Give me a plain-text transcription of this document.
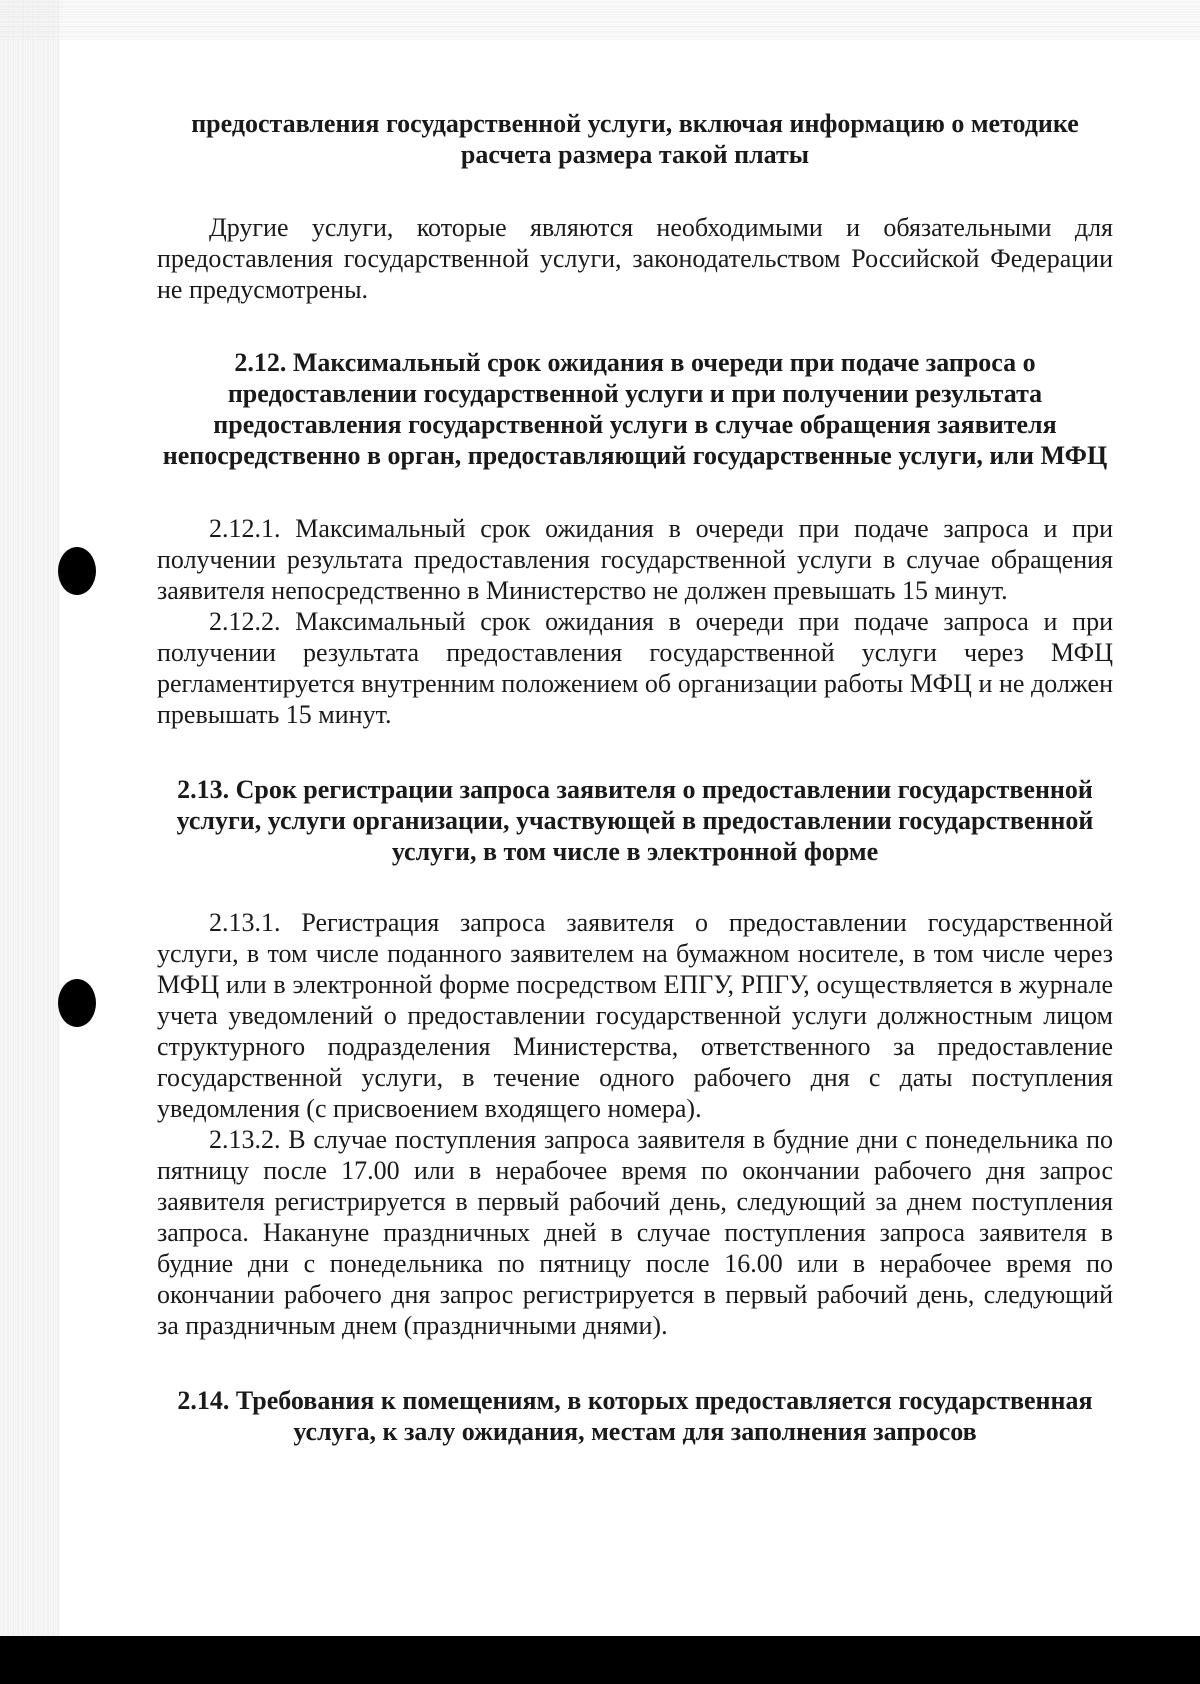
предоставления государственной услуги, включая информацию о методике расчета размера такой платы

Другие услуги, которые являются необходимыми и обязательными для предоставления государственной услуги, законодательством Российской Федерации не предусмотрены.

2.12. Максимальный срок ожидания в очереди при подаче запроса о предоставлении государственной услуги и при получении результата предоставления государственной услуги в случае обращения заявителя непосредственно в орган, предоставляющий государственные услуги, или МФЦ

2.12.1. Максимальный срок ожидания в очереди при подаче запроса и при получении результата предоставления государственной услуги в случае обращения заявителя непосредственно в Министерство не должен превышать 15 минут.

2.12.2. Максимальный срок ожидания в очереди при подаче запроса и при получении результата предоставления государственной услуги через МФЦ регламентируется внутренним положением об организации работы МФЦ и не должен превышать 15 минут.

2.13. Срок регистрации запроса заявителя о предоставлении государственной услуги, услуги организации, участвующей в предоставлении государственной услуги, в том числе в электронной форме

2.13.1. Регистрация запроса заявителя о предоставлении государственной услуги, в том числе поданного заявителем на бумажном носителе, в том числе через МФЦ или в электронной форме посредством ЕПГУ, РПГУ, осуществляется в журнале учета уведомлений о предоставлении государственной услуги должностным лицом структурного подразделения Министерства, ответственного за предоставление государственной услуги, в течение одного рабочего дня с даты поступления уведомления (с присвоением входящего номера).

2.13.2. В случае поступления запроса заявителя в будние дни с понедельника по пятницу после 17.00 или в нерабочее время по окончании рабочего дня запрос заявителя регистрируется в первый рабочий день, следующий за днем поступления запроса. Накануне праздничных дней в случае поступления запроса заявителя в будние дни с понедельника по пятницу после 16.00 или в нерабочее время по окончании рабочего дня запрос регистрируется в первый рабочий день, следующий за праздничным днем (праздничными днями).

2.14. Требования к помещениям, в которых предоставляется государственная услуга, к залу ожидания, местам для заполнения запросов
